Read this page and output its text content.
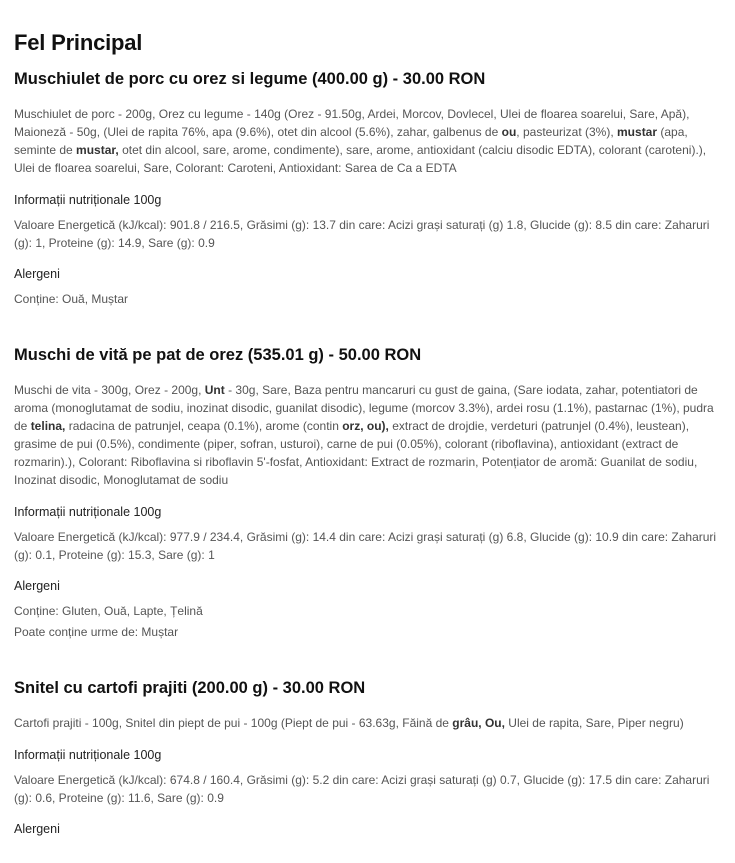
Fel Principal
Muschiulet de porc cu orez si legume (400.00 g) - 30.00 RON

Muschiulet de porc - 200g, Orez cu legume - 140g (Orez - 91.50g, Ardei, Morcov, Dovlecel, Ulei de floarea soarelui, Sare, Apă), Maioneză - 50g, (Ulei de rapita 76%, apa (9.6%), otet din alcool (5.6%), zahar, galbenus de ou, pasteurizat (3%), mustar (apa, seminte de mustar, otet din alcool, sare, arome, condimente), sare, arome, antioxidant (calciu disodic EDTA), colorant (caroteni).), Ulei de floarea soarelui, Sare, Colorant: Caroteni, Antioxidant: Sarea de Ca a EDTA

Informații nutriționale 100g

Valoare Energetică (kJ/kcal): 901.8 / 216.5, Grăsimi (g): 13.7 din care: Acizi grași saturați (g) 1.8, Glucide (g): 8.5 din care: Zaharuri (g): 1, Proteine (g): 14.9, Sare (g): 0.9

Alergeni

Conține: Ouă, Muștar

Muschi de vită pe pat de orez (535.01 g) - 50.00 RON

Muschi de vita - 300g, Orez - 200g, Unt - 30g, Sare, Baza pentru mancaruri cu gust de gaina, (Sare iodata, zahar, potentiatori de aroma (monoglutamat de sodiu, inozinat disodic, guanilat disodic), legume (morcov 3.3%), ardei rosu (1.1%), pastarnac (1%), pudra de telina, radacina de patrunjel, ceapa (0.1%), arome (contin orz, ou), extract de drojdie, verdeturi (patrunjel (0.4%), leustean), grasime de pui (0.5%), condimente (piper, sofran, usturoi), carne de pui (0.05%), colorant (riboflavina), antioxidant (extract de rozmarin).), Colorant: Riboflavina si riboflavin 5'-fosfat, Antioxidant: Extract de rozmarin, Potențiator de aromă: Guanilat de sodiu, Inozinat disodic, Monoglutamat de sodiu

Informații nutriționale 100g

Valoare Energetică (kJ/kcal): 977.9 / 234.4, Grăsimi (g): 14.4 din care: Acizi grași saturați (g) 6.8, Glucide (g): 10.9 din care: Zaharuri (g): 0.1, Proteine (g): 15.3, Sare (g): 1

Alergeni

Conține: Gluten, Ouă, Lapte, Țelină

Poate conține urme de: Muștar

Snitel cu cartofi prajiti (200.00 g) - 30.00 RON

Cartofi prajiti - 100g, Snitel din piept de pui - 100g (Piept de pui - 63.63g, Făină de grâu, Ou, Ulei de rapita, Sare, Piper negru)

Informații nutriționale 100g

Valoare Energetică (kJ/kcal): 674.8 / 160.4, Grăsimi (g): 5.2 din care: Acizi grași saturați (g) 0.7, Glucide (g): 17.5 din care: Zaharuri (g): 0.6, Proteine (g): 11.6, Sare (g): 0.9

Alergeni
